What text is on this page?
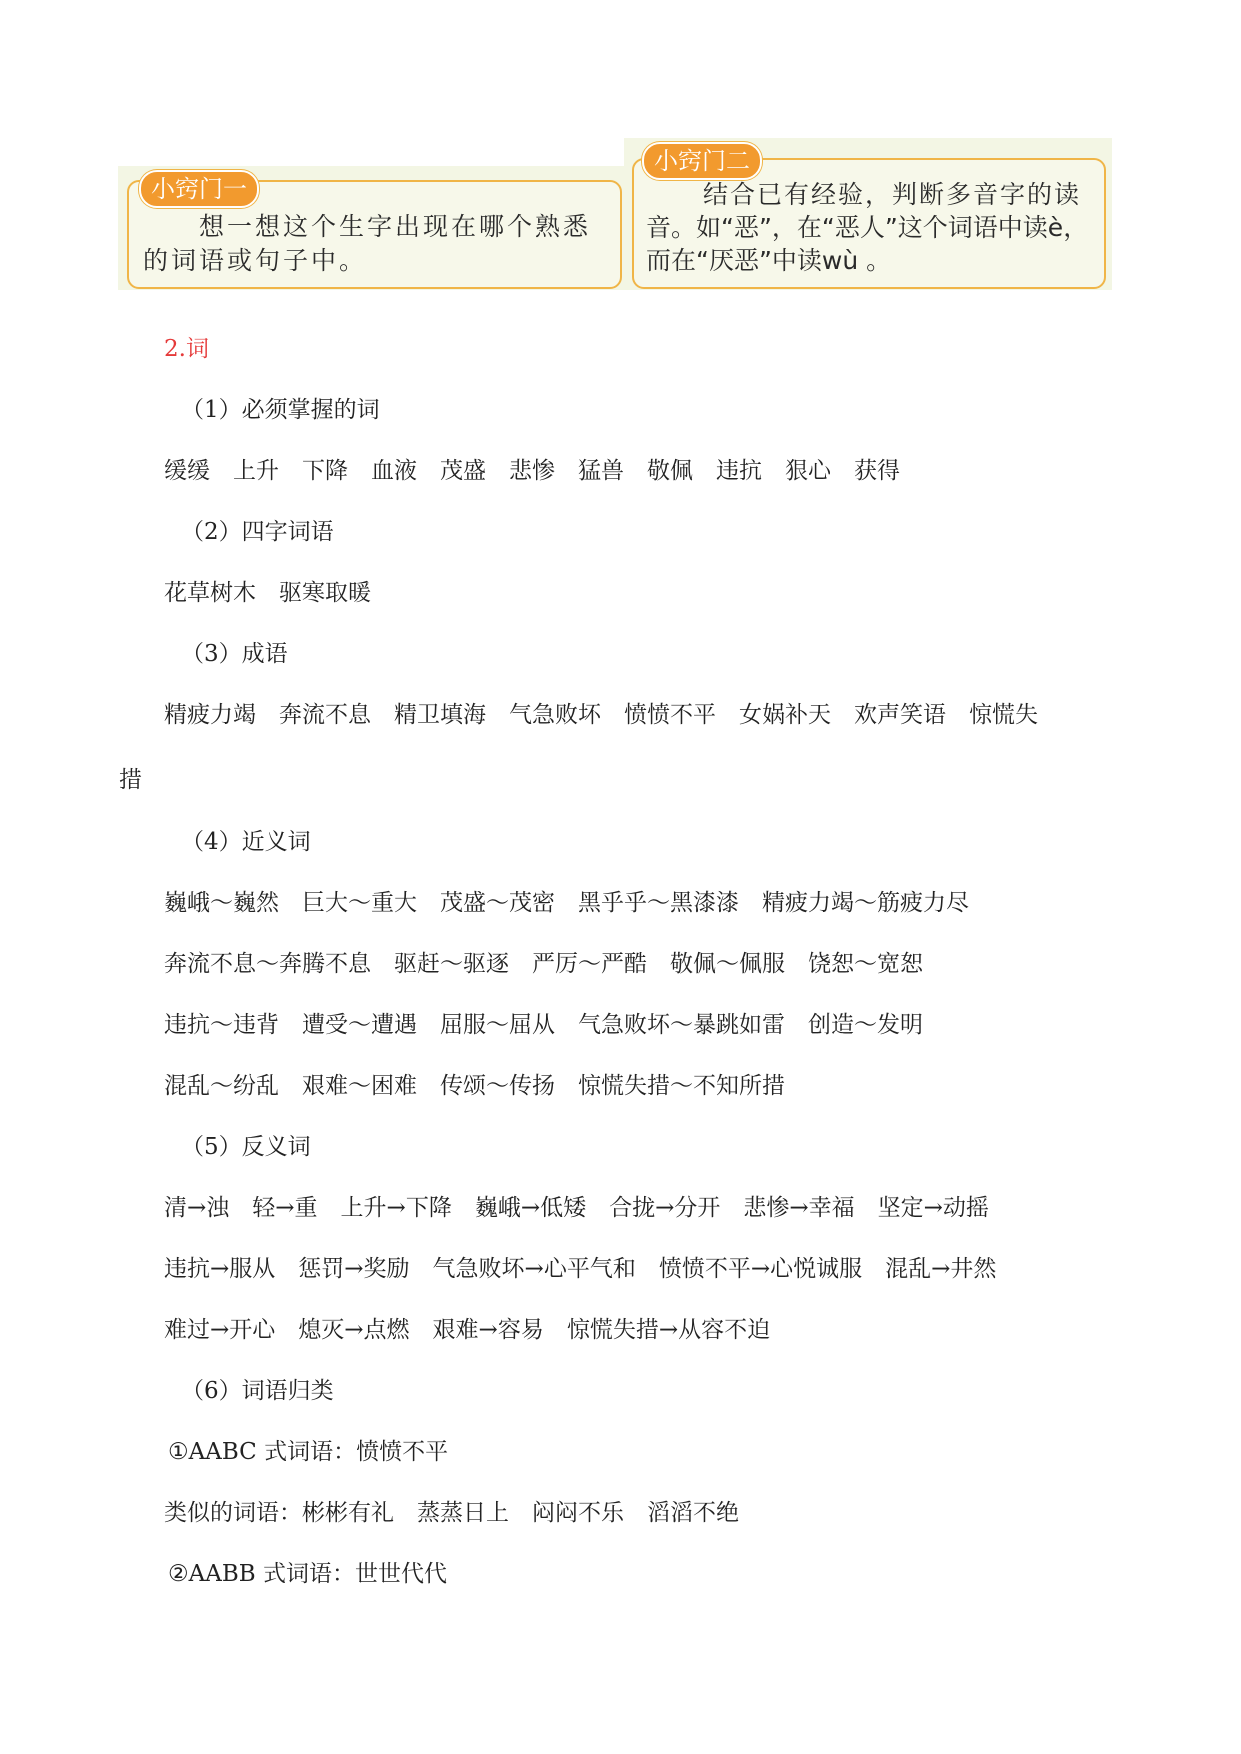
小窍门一
想一想这个生字出现在哪个熟悉
的词语或句子中。
小窍门二
结合已有经验，判断多音字的读
音。如“恶”，在“恶人”这个词语中读è，
而在“厌恶”中读wù 。
2.词
（1）必须掌握的词
缓缓　上升　下降　血液　茂盛　悲惨　猛兽　敬佩　违抗　狠心　获得
（2）四字词语
花草树木　驱寒取暖
（3）成语
精疲力竭　奔流不息　精卫填海　气急败坏　愤愤不平　女娲补天　欢声笑语　惊慌失
措
（4）近义词
巍峨～巍然　巨大～重大　茂盛～茂密　黑乎乎～黑漆漆　精疲力竭～筋疲力尽
奔流不息～奔腾不息　驱赶～驱逐　严厉～严酷　敬佩～佩服　饶恕～宽恕
违抗～违背　遭受～遭遇　屈服～屈从　气急败坏～暴跳如雷　创造～发明
混乱～纷乱　艰难～困难　传颂～传扬　惊慌失措～不知所措
（5）反义词
清→浊　轻→重　上升→下降　巍峨→低矮　合拢→分开　悲惨→幸福　坚定→动摇
违抗→服从　惩罚→奖励　气急败坏→心平气和　愤愤不平→心悦诚服　混乱→井然
难过→开心　熄灭→点燃　艰难→容易　惊慌失措→从容不迫
（6）词语归类
①AABC 式词语：愤愤不平
类似的词语：彬彬有礼　蒸蒸日上　闷闷不乐　滔滔不绝
②AABB 式词语：世世代代
